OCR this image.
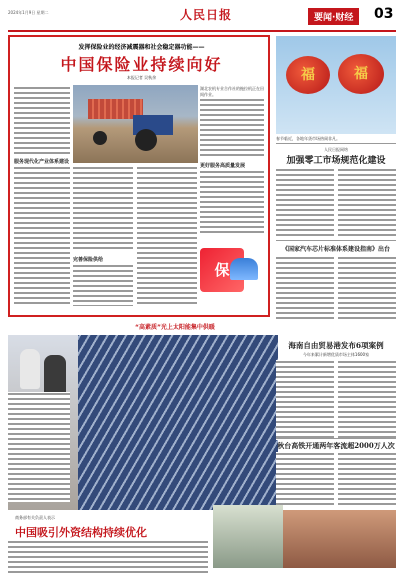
2024年1月9日 星期二	人民日报	要闻·财经	03
发挥保险业的经济减震器和社会稳定器功能——
中国保险业持续向好
本报记者 吴秋余
服务现代化产业体系建设
湖北农机专业合作社的拖拉机正在田间作业。
完善保险供给
更好服务高质量发展
保
福	福
春节临近，各地年货市场热闹非凡。
人民日报网络
加强零工市场规范化建设
《国家汽车芯片标准体系建设指南》出台
“高素质”光上太阳能集中供暖
海南自由贸易港发布6项案例
今年来累计新增优质市场主体1600家
秋台高铁开通两年客流超2000万人次
商务部有关负责人表示
中国吸引外资结构持续优化
